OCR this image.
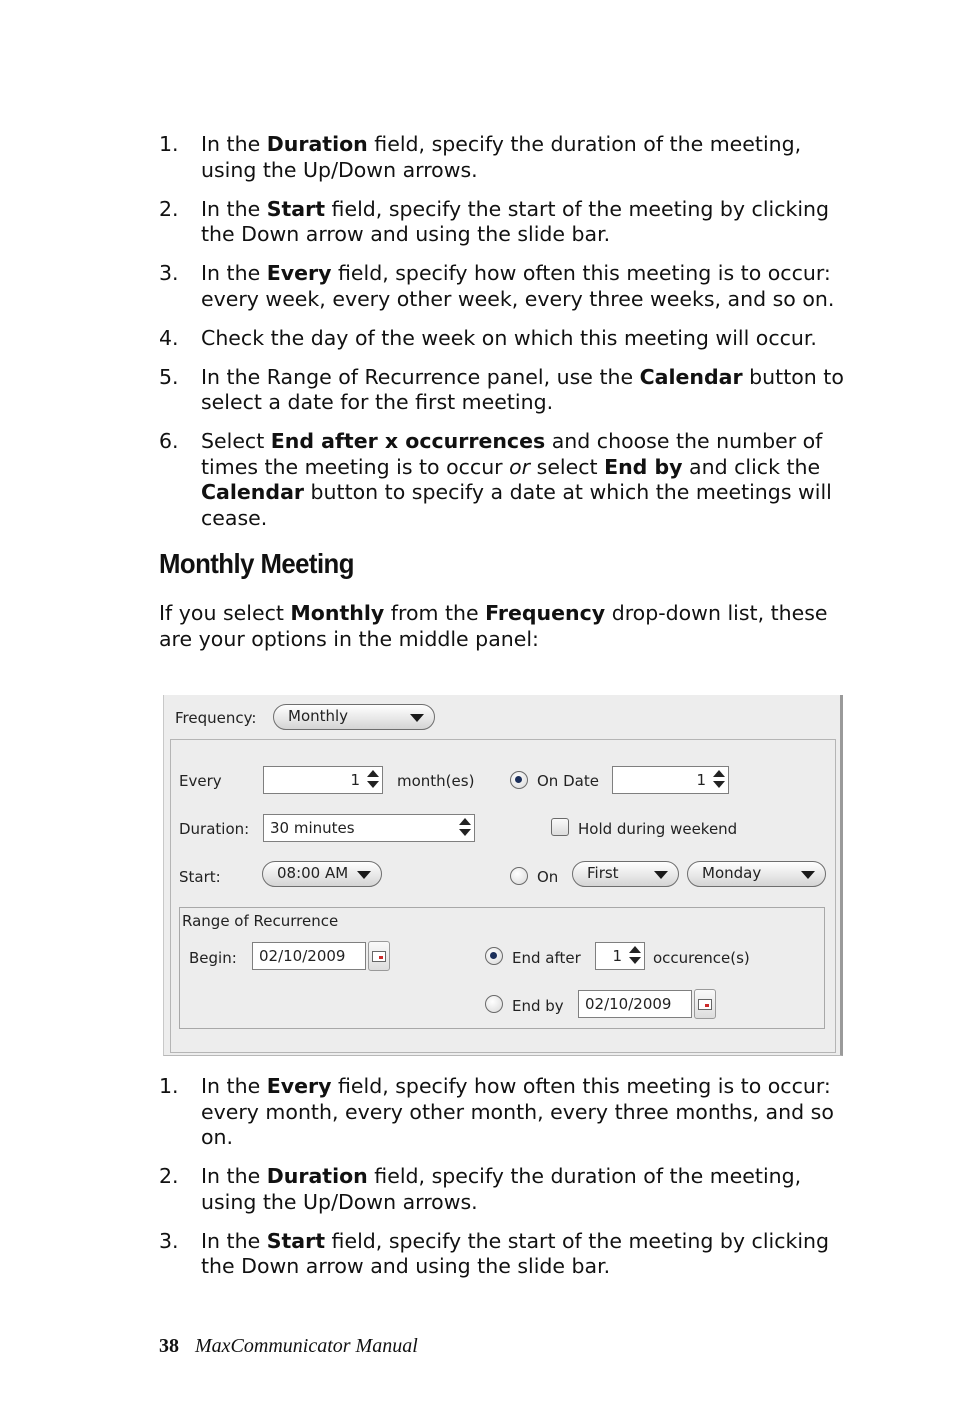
1. In the Duration field, specify the duration of the meeting, using the Up/Down arrows.
2. In the Start field, specify the start of the meeting by clicking the Down arrow and using the slide bar.
3. In the Every field, specify how often this meeting is to occur: every week, every other week, every three weeks, and so on.
4. Check the day of the week on which this meeting will occur.
5. In the Range of Recurrence panel, use the Calendar button to select a date for the first meeting.
6. Select End after x occurrences and choose the number of times the meeting is to occur or select End by and click the Calendar button to specify a date at which the meetings will cease.
Monthly Meeting
If you select Monthly from the Frequency drop-down list, these are your options in the middle panel:
Frequency:	Monthly
Every	1	month(es)	On Date	1
Duration:	30 minutes	Hold during weekend
Start:	08:00 AM	On	First	Monday
Range of Recurrence
Begin:	02/10/2009	End after	1	occurence(s)
End by	02/10/2009
1. In the Every field, specify how often this meeting is to occur: every month, every other month, every three months, and so on.
2. In the Duration field, specify the duration of the meeting, using the Up/Down arrows.
3. In the Start field, specify the start of the meeting by clicking the Down arrow and using the slide bar.
38 MaxCommunicator Manual
